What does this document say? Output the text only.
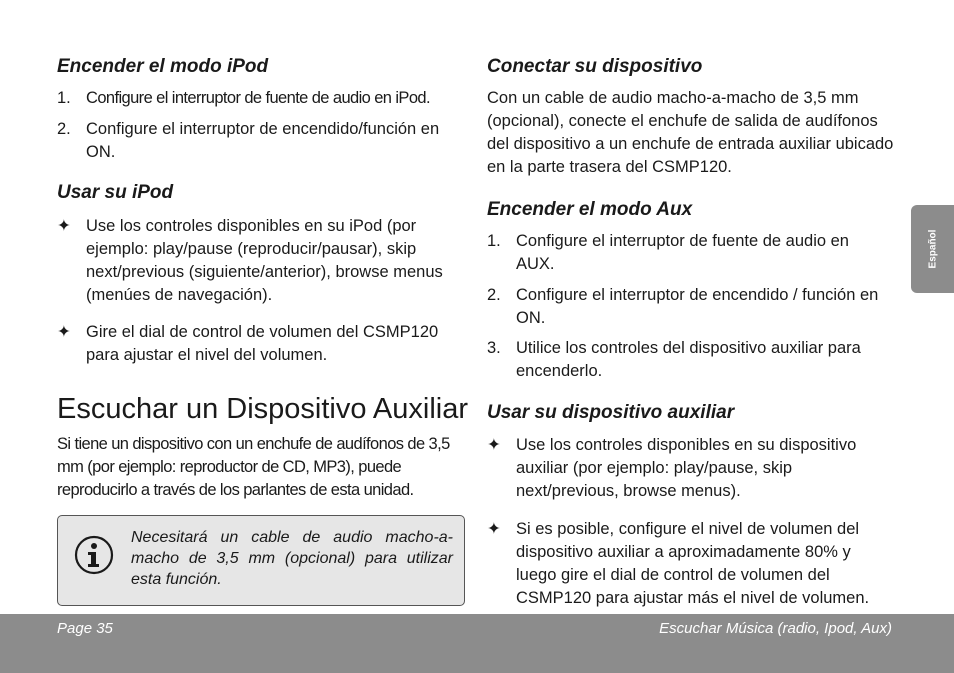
Encender el modo iPod
1. Configure el interruptor de fuente de audio en iPod.
2. Configure el interruptor de encendido/función en ON.
Usar su iPod
✦ Use los controles disponibles en su iPod (por ejemplo: play/pause (reproducir/pausar), skip next/previous (siguiente/anterior), browse menus (menúes de navegación).
✦ Gire el dial de control de volumen del CSMP120 para ajustar el nivel del volumen.
Escuchar un Dispositivo Auxiliar

Si tiene un dispositivo con un enchufe de audífonos de 3,5 mm (por ejemplo: reproductor de CD, MP3), puede reproducirlo a través de los parlantes de esta unidad.

Necesitará un cable de audio macho-a-macho de 3,5 mm (opcional) para utilizar esta función.
Conectar su dispositivo

Con un cable de audio macho-a-macho de 3,5 mm (opcional), conecte el enchufe de salida de audífonos del dispositivo a un enchufe de entrada auxiliar ubicado en la parte trasera del CSMP120.

Encender el modo Aux
1. Configure el interruptor de fuente de audio en AUX.
2. Configure el interruptor de encendido / función en ON.
3. Utilice los controles del dispositivo auxiliar para encenderlo.
Usar su dispositivo auxiliar
✦ Use los controles disponibles en su dispositivo auxiliar (por ejemplo: play/pause, skip next/previous, browse menus).
✦ Si es posible, configure el nivel de volumen del dispositivo auxiliar a aproximadamente 80% y luego gire el dial de control de volumen del CSMP120 para ajustar más el nivel de volumen.
Español
Page 35	Escuchar Música (radio, Ipod, Aux)
